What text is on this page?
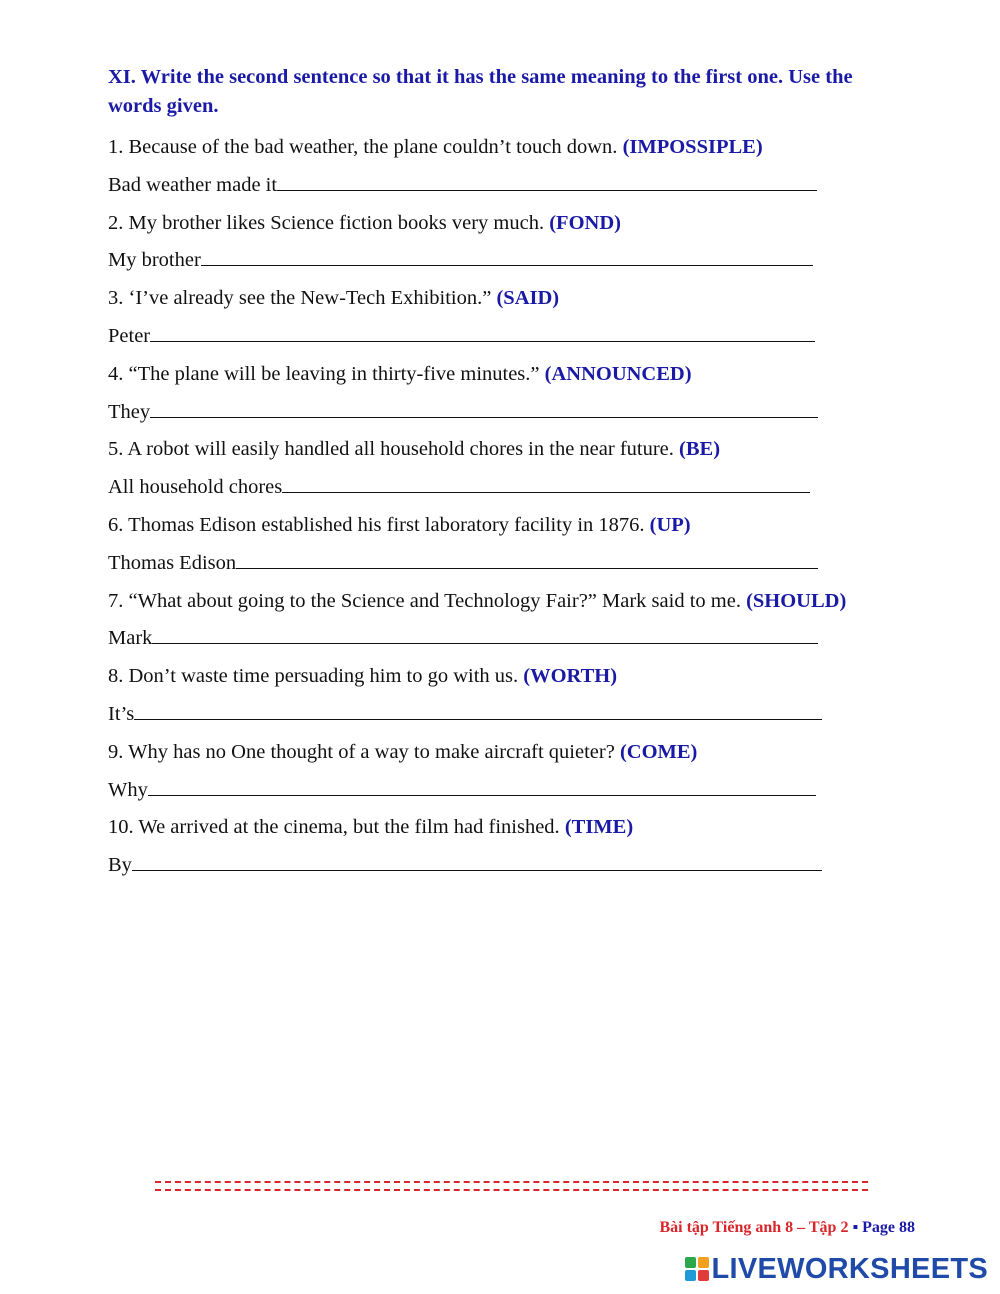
XI. Write the second sentence so that it has the same meaning to the first one. Use the words given.
1. Because of the bad weather, the plane couldn’t touch down. (IMPOSSIPLE)
Bad weather made it
2. My brother likes Science fiction books very much. (FOND)
My brother
3. ‘I’ve already see the New-Tech Exhibition.” (SAID)
Peter
4. “The plane will be leaving in thirty-five minutes.” (ANNOUNCED)
They
5. A robot will easily handled all household chores in the near future. (BE)
All household chores
6. Thomas Edison established his first laboratory facility in 1876. (UP)
Thomas Edison
7. “What about going to the Science and Technology Fair?” Mark said to me. (SHOULD)
Mark
8. Don’t waste time persuading him to go with us. (WORTH)
It’s
9. Why has no One thought of a way to make aircraft quieter? (COME)
Why
10. We arrived at the cinema, but the film had finished. (TIME)
By
Bài tập Tiếng anh 8 – Tập 2 ▪ Page 88
LIVEWORKSHEETS
